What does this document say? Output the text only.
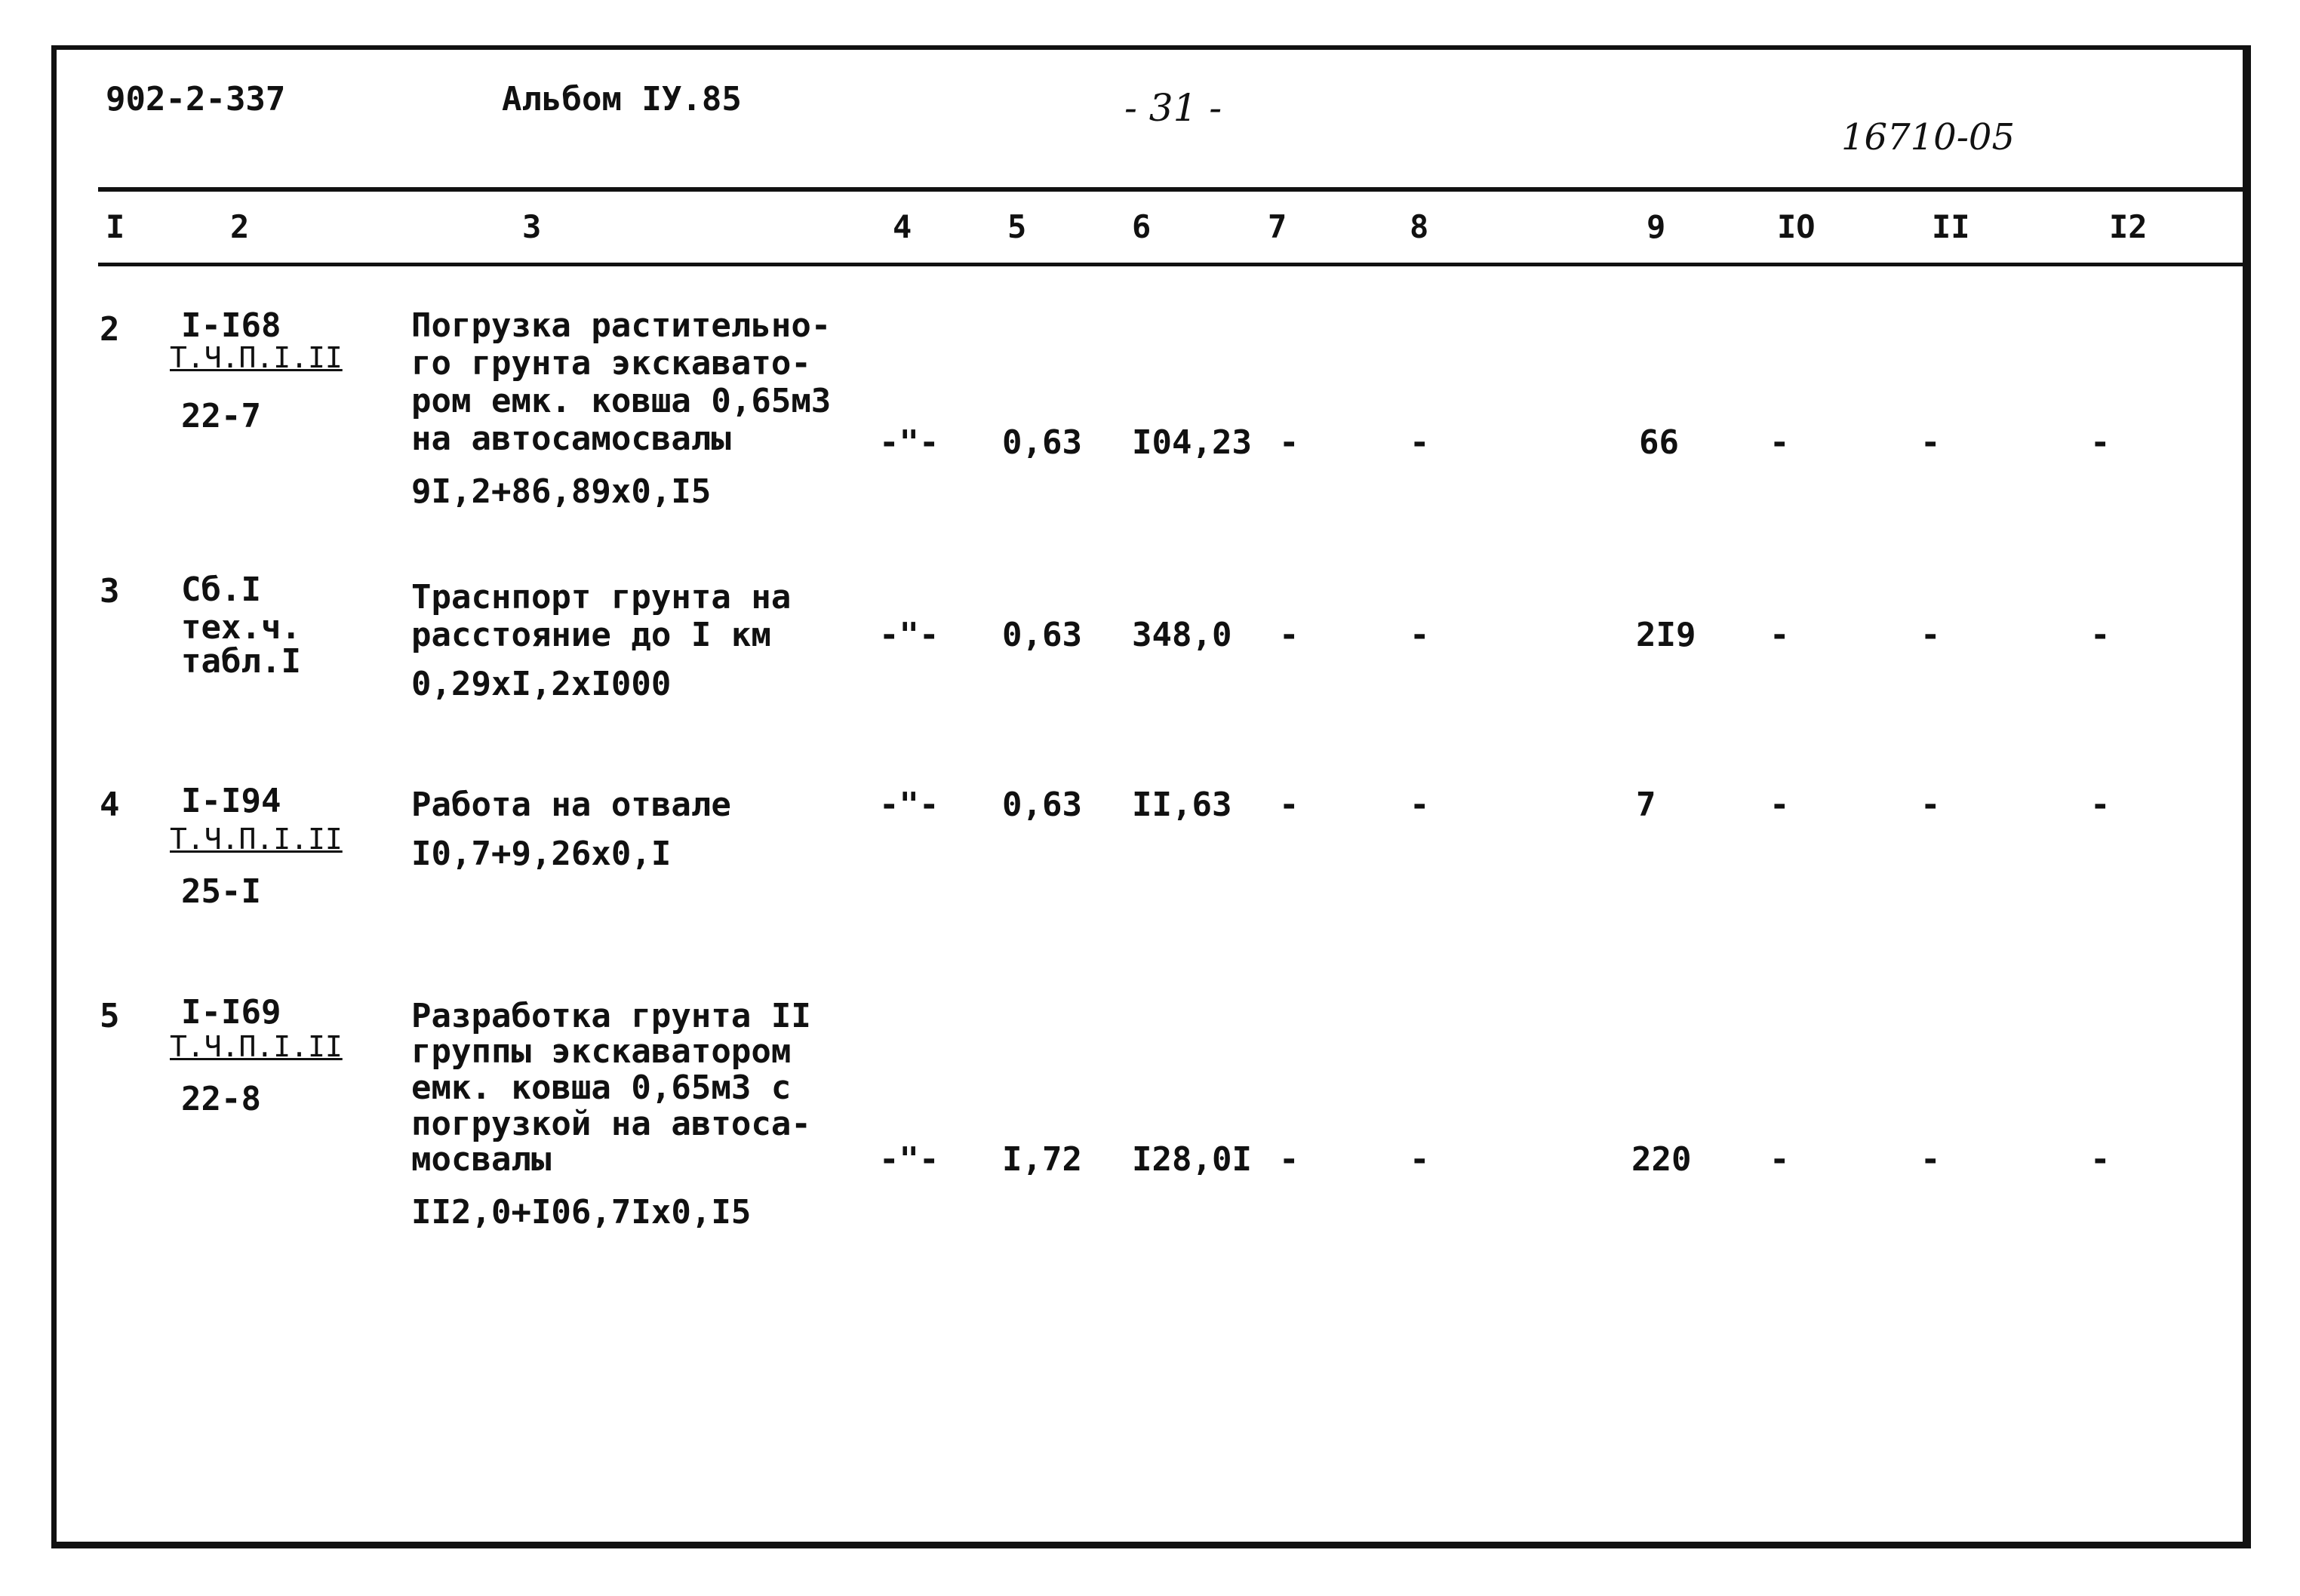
902-2-337	Альбом IУ.85	- 31 -
16710-05
I	2	3	4	5	6	7	8	9	IO	II	I2
2 I-I68
Т.Ч.П.І.II
22-7
Погрузка растительно-
го грунта экскавато-
ром емк. ковша 0,65м3
на автосамосвалы
9I,2+86,89x0,I5
-"- 0,63 I04,23 -	-	66	-	-	-
3 Сб.I
тех.ч.
табл.I
Траснпорт грунта на
расстояние до I км
0,29xI,2xI000
-"- 0,63 348,0 -	-	2I9 -	-	-
4 I-I94
Т.Ч.П.І.II
25-I
Работа на отвале
I0,7+9,26x0,I
-"- 0,63 II,63 -	-	7	-	-	-
5 I-I69
Т.Ч.П.І.II
22-8
Разработка грунта II
группы экскаватором
емк. ковша 0,65м3 с
погрузкой на автоса-
мосвалы
II2,0+I06,7Ix0,I5
-"- I,72 I28,0I -	-	220 -	-	-
